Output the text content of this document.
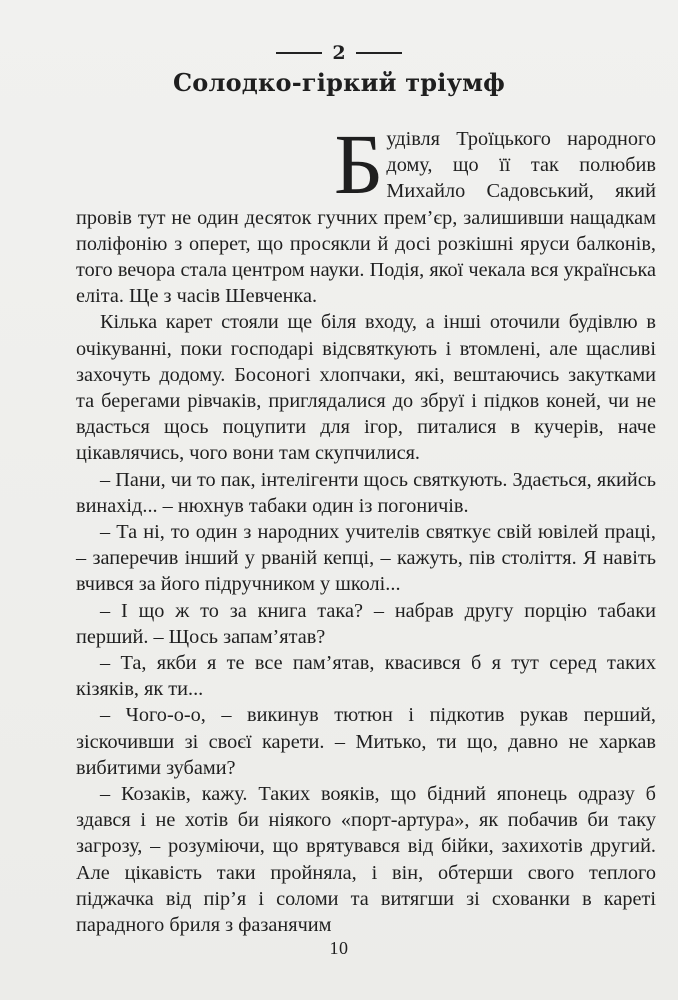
2
Солодко-гіркий тріумф

Будівля Троїцького народного дому, що її так полюбив Михайло Садовський, який провів тут не один десяток гучних прем’єр, залишивши нащадкам поліфонію з оперет, що просякли й досі розкішні яруси балконів, того вечора стала центром науки. Подія, якої чекала вся українська еліта. Ще з часів Шевченка.

Кілька карет стояли ще біля входу, а інші оточили будівлю в очікуванні, поки господарі відсвяткують і втомлені, але щасливі захочуть додому. Босоногі хлопчаки, які, вештаючись закутками та берегами рівчаків, приглядалися до збруї і підков коней, чи не вдасться щось поцупити для ігор, питалися в кучерів, наче цікавлячись, чого вони там скупчилися.

– Пани, чи то пак, інтелігенти щось святкують. Здається, якийсь винахід... – нюхнув табаки один із погоничів.

– Та ні, то один з народних учителів святкує свій ювілей праці, – заперечив інший у рваній кепці, – кажуть, пів століття. Я навіть вчився за його підручником у школі...

– І що ж то за книга така? – набрав другу порцію табаки перший. – Щось запам’ятав?

– Та, якби я те все пам’ятав, квасився б я тут серед таких кізяків, як ти...

– Чого-о-о, – викинув тютюн і підкотив рукав перший, зіскочивши зі своєї карети. – Митько, ти що, давно не харкав вибитими зубами?

– Козаків, кажу. Таких вояків, що бідний японець одразу б здався і не хотів би ніякого «порт-артура», як побачив би таку загрозу, – розуміючи, що врятувався від бійки, захихотів другий. Але цікавість таки пройняла, і він, обтерши свого теплого піджачка від пір’я і соломи та витягши зі схованки в кареті парадного бриля з фазанячим

10
